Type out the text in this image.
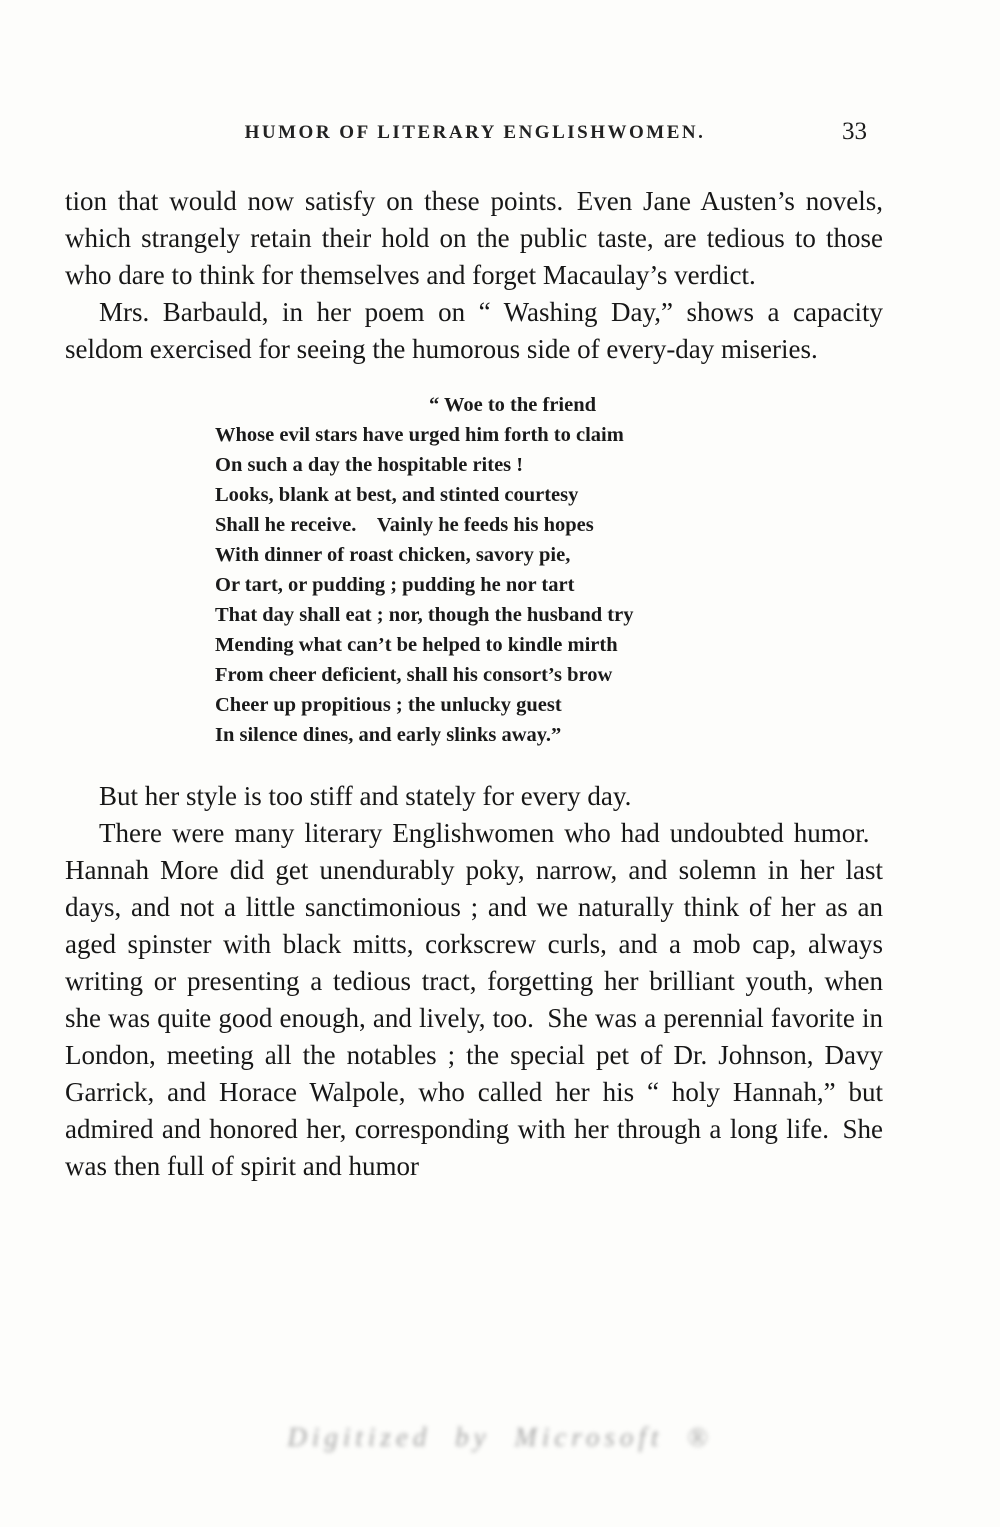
HUMOR OF LITERARY ENGLISHWOMEN.	33

tion that would now satisfy on these points. Even Jane Austen’s novels, which strangely retain their hold on the public taste, are tedious to those who dare to think for themselves and forget Macaulay’s verdict.

Mrs. Barbauld, in her poem on “ Washing Day,” shows a capacity seldom exercised for seeing the humorous side of every-day miseries.

“ Woe to the friend
Whose evil stars have urged him forth to claim
On such a day the hospitable rites !
Looks, blank at best, and stinted courtesy
Shall he receive. Vainly he feeds his hopes
With dinner of roast chicken, savory pie,
Or tart, or pudding ; pudding he nor tart
That day shall eat ; nor, though the husband try
Mending what can’t be helped to kindle mirth
From cheer deficient, shall his consort’s brow
Cheer up propitious ; the unlucky guest
In silence dines, and early slinks away.”

But her style is too stiff and stately for every day.

There were many literary Englishwomen who had undoubted humor. Hannah More did get unendurably poky, narrow, and solemn in her last days, and not a little sanctimonious ; and we naturally think of her as an aged spinster with black mitts, corkscrew curls, and a mob cap, always writing or presenting a tedious tract, forgetting her brilliant youth, when she was quite good enough, and lively, too. She was a perennial favorite in London, meeting all the notables ; the special pet of Dr. Johnson, Davy Garrick, and Horace Walpole, who called her his “ holy Hannah,” but admired and honored her, corresponding with her through a long life. She was then full of spirit and humor

Digitized by Microsoft ®
